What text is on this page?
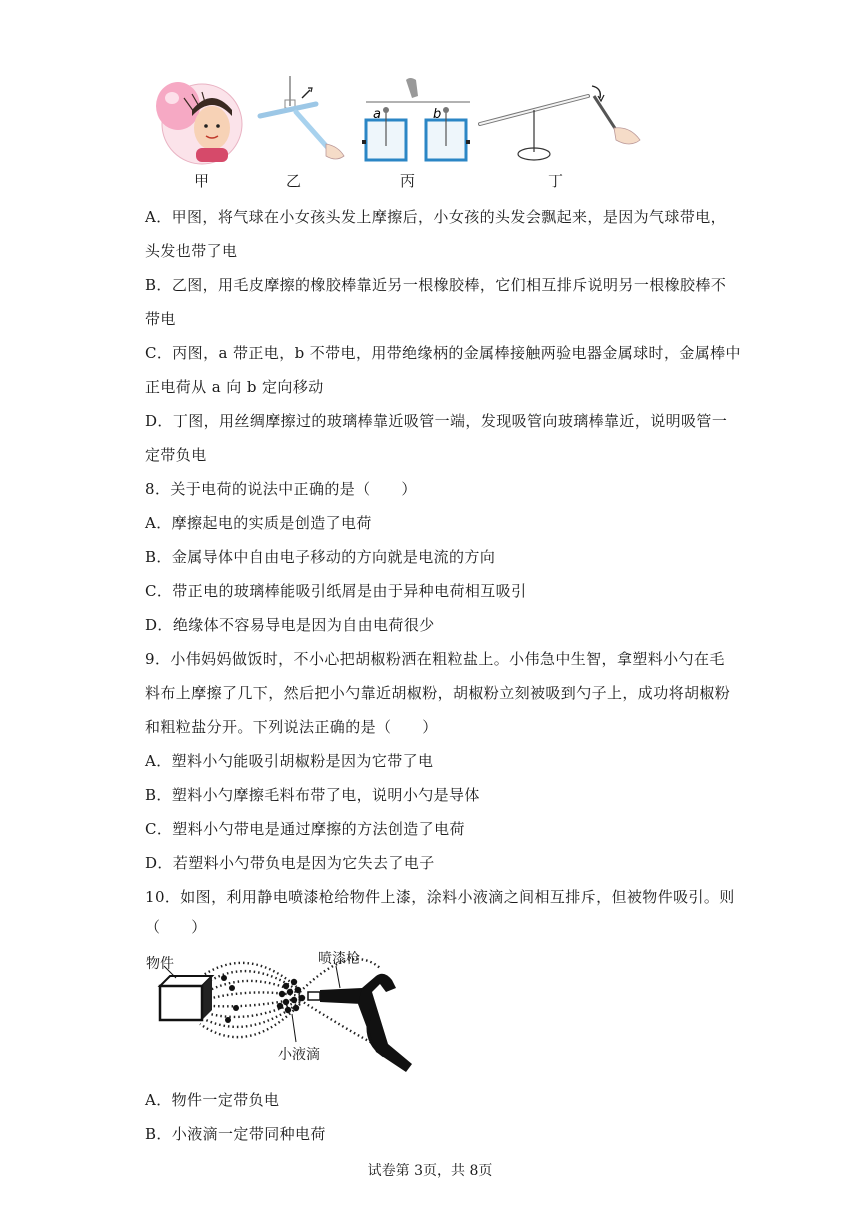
a	b
甲	乙	丙	丁
A．甲图，将气球在小女孩头发上摩擦后，小女孩的头发会飘起来，是因为气球带电，
头发也带了电
B．乙图，用毛皮摩擦的橡胶棒靠近另一根橡胶棒，它们相互排斥说明另一根橡胶棒不
带电
C．丙图，a 带正电，b 不带电，用带绝缘柄的金属棒接触两验电器金属球时，金属棒中
正电荷从 a 向 b 定向移动
D．丁图，用丝绸摩擦过的玻璃棒靠近吸管一端，发现吸管向玻璃棒靠近，说明吸管一
定带负电
8．关于电荷的说法中正确的是（　　）
A．摩擦起电的实质是创造了电荷
B．金属导体中自由电子移动的方向就是电流的方向
C．带正电的玻璃棒能吸引纸屑是由于异种电荷相互吸引
D．绝缘体不容易导电是因为自由电荷很少
9．小伟妈妈做饭时，不小心把胡椒粉洒在粗粒盐上。小伟急中生智，拿塑料小勺在毛
料布上摩擦了几下，然后把小勺靠近胡椒粉，胡椒粉立刻被吸到勺子上，成功将胡椒粉
和粗粒盐分开。下列说法正确的是（　　）
A．塑料小勺能吸引胡椒粉是因为它带了电
B．塑料小勺摩擦毛料布带了电，说明小勺是导体
C．塑料小勺带电是通过摩擦的方法创造了电荷
D．若塑料小勺带负电是因为它失去了电子
10．如图，利用静电喷漆枪给物件上漆，涂料小液滴之间相互排斥，但被物件吸引。则
（　　）
物件	喷漆枪
小液滴
A．物件一定带负电
B．小液滴一定带同种电荷
试卷第 3页，共 8页
